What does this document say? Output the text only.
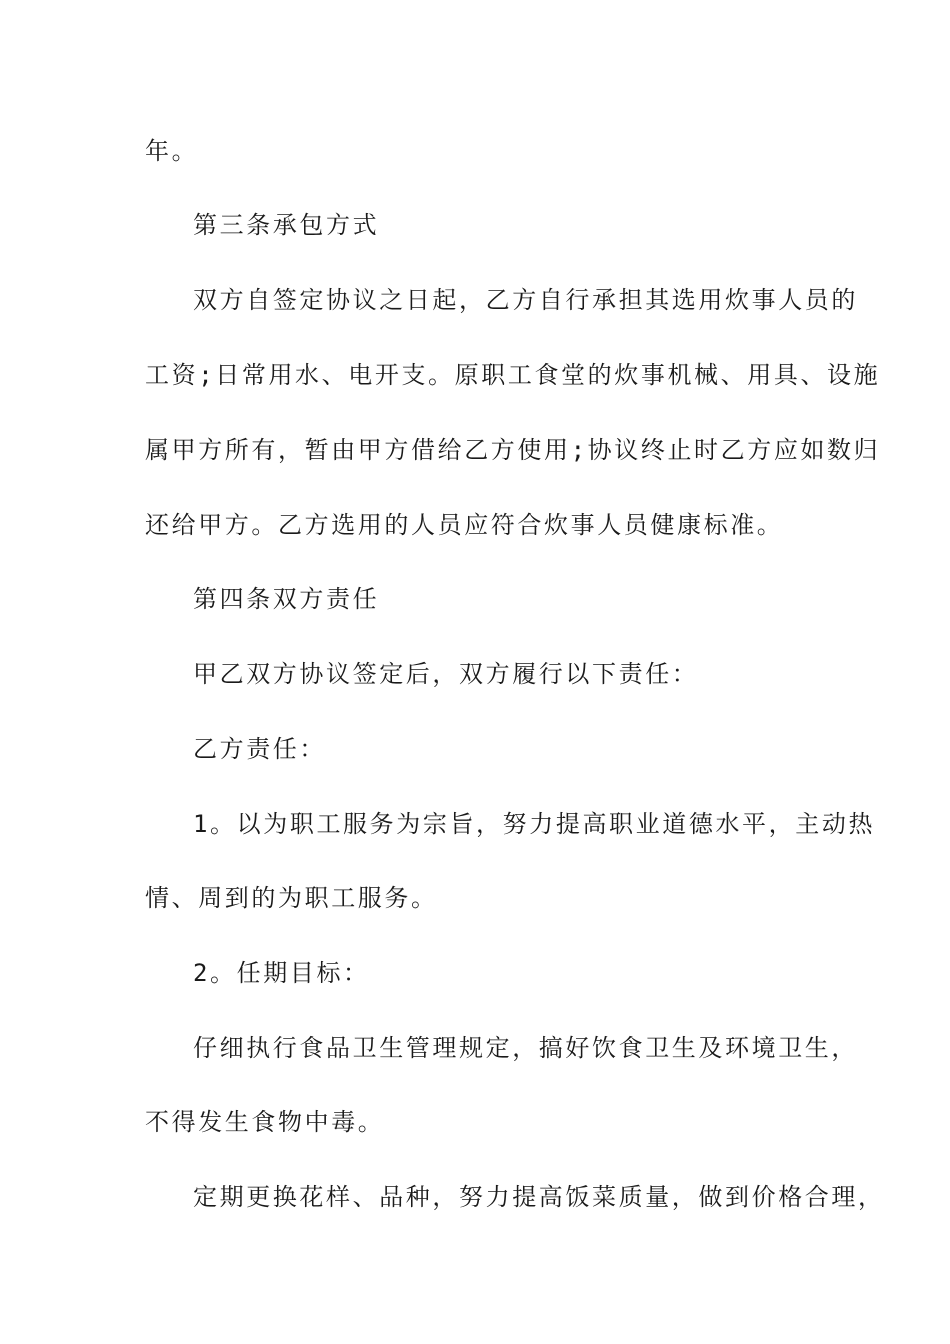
年。
第三条承包方式
双方自签定协议之日起，乙方自行承担其选用炊事人员的
工资;日常用水、电开支。原职工食堂的炊事机械、用具、设施
属甲方所有，暂由甲方借给乙方使用;协议终止时乙方应如数归
还给甲方。乙方选用的人员应符合炊事人员健康标准。
第四条双方责任
甲乙双方协议签定后，双方履行以下责任：
乙方责任：
1。以为职工服务为宗旨，努力提高职业道德水平，主动热
情、周到的为职工服务。
2。任期目标：
仔细执行食品卫生管理规定，搞好饮食卫生及环境卫生，
不得发生食物中毒。
定期更换花样、品种，努力提高饭菜质量，做到价格合理，
